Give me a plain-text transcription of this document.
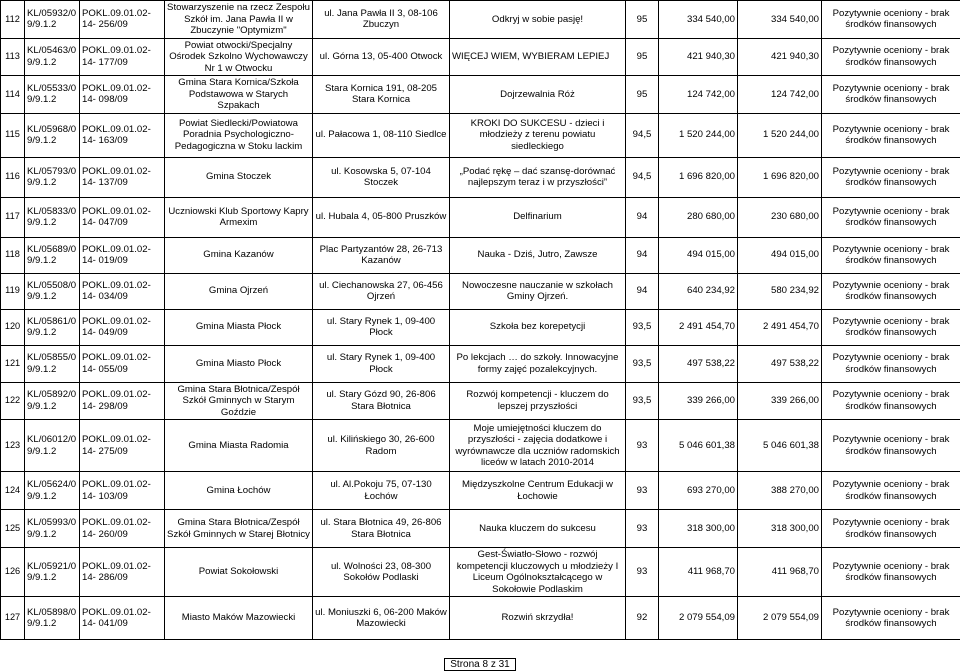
112	KL/05932/0 9/9.1.2	POKL.09.01.02-14- 256/09	Stowarzyszenie na rzecz Zespołu Szkół im. Jana Pawła II w Zbuczynie "Optymizm"	ul. Jana Pawła II 3, 08-106 Zbuczyn	Odkryj w sobie pasję!	95	334 540,00	334 540,00	Pozytywnie oceniony - brak środków finansowych
113	KL/05463/0 9/9.1.2	POKL.09.01.02-14- 177/09	Powiat otwocki/Specjalny Ośrodek Szkolno Wychowawczy Nr 1 w Otwocku	ul. Górna 13, 05-400 Otwock	WIĘCEJ WIEM, WYBIERAM LEPIEJ	95	421 940,30	421 940,30	Pozytywnie oceniony - brak środków finansowych
114	KL/05533/0 9/9.1.2	POKL.09.01.02-14- 098/09	Gmina Stara Kornica/Szkoła Podstawowa w Starych Szpakach	Stara Kornica 191, 08-205 Stara Kornica	Dojrzewalnia Róż	95	124 742,00	124 742,00	Pozytywnie oceniony - brak środków finansowych
115	KL/05968/0 9/9.1.2	POKL.09.01.02-14- 163/09	Powiat Siedlecki/Powiatowa Poradnia Psychologiczno-Pedagogiczna w Stoku lackim	ul. Pałacowa 1, 08-110 Siedlce	KROKI DO SUKCESU - dzieci i młodzieży z terenu powiatu siedleckiego	94,5	1 520 244,00	1 520 244,00	Pozytywnie oceniony - brak środków finansowych
116	KL/05793/0 9/9.1.2	POKL.09.01.02-14- 137/09	Gmina Stoczek	ul. Kosowska 5, 07-104 Stoczek	„Podać rękę – dać szansę-dorównać najlepszym teraz i w przyszłości”	94,5	1 696 820,00	1 696 820,00	Pozytywnie oceniony - brak środków finansowych
117	KL/05833/0 9/9.1.2	POKL.09.01.02-14- 047/09	Uczniowski Klub Sportowy Kapry Armexim	ul. Hubala 4, 05-800 Pruszków	Delfinarium	94	280 680,00	230 680,00	Pozytywnie oceniony - brak środków finansowych
118	KL/05689/0 9/9.1.2	POKL.09.01.02-14- 019/09	Gmina Kazanów	Plac Partyzantów 28, 26-713 Kazanów	Nauka - Dziś, Jutro, Zawsze	94	494 015,00	494 015,00	Pozytywnie oceniony - brak środków finansowych
119	KL/05508/0 9/9.1.2	POKL.09.01.02-14- 034/09	Gmina Ojrzeń	ul. Ciechanowska 27, 06-456 Ojrzeń	Nowoczesne nauczanie w szkołach Gminy Ojrzeń.	94	640 234,92	580 234,92	Pozytywnie oceniony - brak środków finansowych
120	KL/05861/0 9/9.1.2	POKL.09.01.02-14- 049/09	Gmina Miasta Płock	ul. Stary Rynek 1, 09-400 Płock	Szkoła bez korepetycji	93,5	2 491 454,70	2 491 454,70	Pozytywnie oceniony - brak środków finansowych
121	KL/05855/0 9/9.1.2	POKL.09.01.02-14- 055/09	Gmina Miasto Płock	ul. Stary Rynek 1, 09-400 Płock	Po lekcjach … do szkoły. Innowacyjne formy zajęć pozalekcyjnych.	93,5	497 538,22	497 538,22	Pozytywnie oceniony - brak środków finansowych
122	KL/05892/0 9/9.1.2	POKL.09.01.02-14- 298/09	Gmina Stara Błotnica/Zespół Szkół Gminnych w Starym Goździe	ul. Stary Gózd 90, 26-806 Stara Błotnica	Rozwój kompetencji - kluczem do lepszej przyszłości	93,5	339 266,00	339 266,00	Pozytywnie oceniony - brak środków finansowych
123	KL/06012/0 9/9.1.2	POKL.09.01.02-14- 275/09	Gmina Miasta Radomia	ul. Kilińskiego 30, 26-600 Radom	Moje umiejętności kluczem do przyszłości - zajęcia dodatkowe i wyrównawcze dla uczniów radomskich liceów w latach 2010-2014	93	5 046 601,38	5 046 601,38	Pozytywnie oceniony - brak środków finansowych
124	KL/05624/0 9/9.1.2	POKL.09.01.02-14- 103/09	Gmina Łochów	ul. Al.Pokoju 75, 07-130 Łochów	Międzyszkolne Centrum Edukacji w Łochowie	93	693 270,00	388 270,00	Pozytywnie oceniony - brak środków finansowych
125	KL/05993/0 9/9.1.2	POKL.09.01.02-14- 260/09	Gmina Stara Błotnica/Zespół Szkół Gminnych w Starej Błotnicy	ul. Stara Błotnica 49, 26-806 Stara Błotnica	Nauka kluczem do sukcesu	93	318 300,00	318 300,00	Pozytywnie oceniony - brak środków finansowych
126	KL/05921/0 9/9.1.2	POKL.09.01.02-14- 286/09	Powiat Sokołowski	ul. Wolności 23, 08-300 Sokołów Podlaski	Gest-Światło-Słowo - rozwój kompetencji kluczowych u młodzieży I Liceum Ogólnokształcącego w Sokołowie Podlaskim	93	411 968,70	411 968,70	Pozytywnie oceniony - brak środków finansowych
127	KL/05898/0 9/9.1.2	POKL.09.01.02-14- 041/09	Miasto Maków Mazowiecki	ul. Moniuszki 6, 06-200 Maków Mazowiecki	Rozwiń skrzydła!	92	2 079 554,09	2 079 554,09	Pozytywnie oceniony - brak środków finansowych
Strona 8 z 31
